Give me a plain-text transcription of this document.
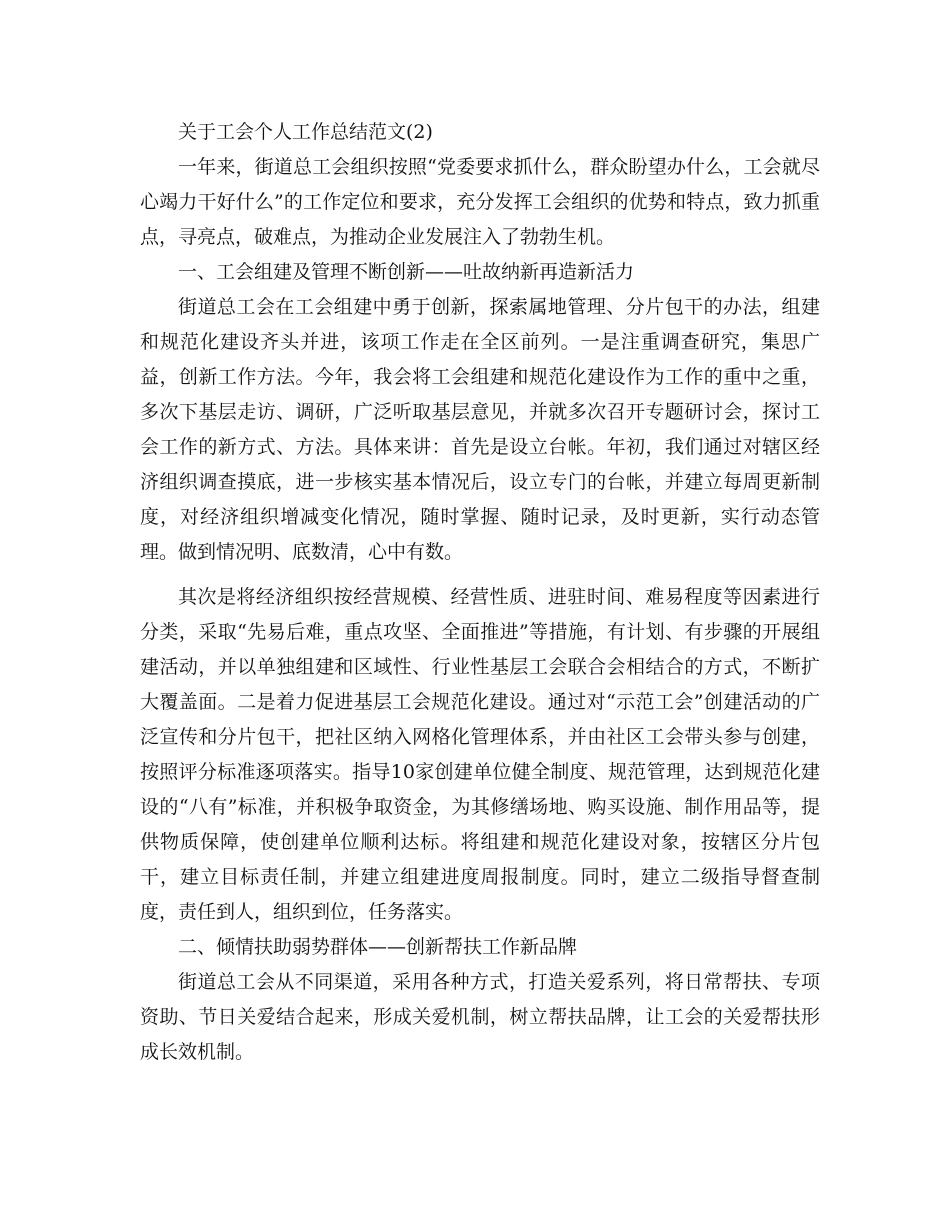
关于工会个人工作总结范文(2)

一年来，街道总工会组织按照“党委要求抓什么，群众盼望办什么，工会就尽心竭力干好什么”的工作定位和要求，充分发挥工会组织的优势和特点，致力抓重点，寻亮点，破难点，为推动企业发展注入了勃勃生机。

一、工会组建及管理不断创新——吐故纳新再造新活力

街道总工会在工会组建中勇于创新，探索属地管理、分片包干的办法，组建和规范化建设齐头并进，该项工作走在全区前列。一是注重调查研究，集思广益，创新工作方法。今年，我会将工会组建和规范化建设作为工作的重中之重，多次下基层走访、调研，广泛听取基层意见，并就多次召开专题研讨会，探讨工会工作的新方式、方法。具体来讲：首先是设立台帐。年初，我们通过对辖区经济组织调查摸底，进一步核实基本情况后，设立专门的台帐，并建立每周更新制度，对经济组织增减变化情况，随时掌握、随时记录，及时更新，实行动态管理。做到情况明、底数清，心中有数。

其次是将经济组织按经营规模、经营性质、进驻时间、难易程度等因素进行分类，采取“先易后难，重点攻坚、全面推进”等措施，有计划、有步骤的开展组建活动，并以单独组建和区域性、行业性基层工会联合会相结合的方式，不断扩大覆盖面。二是着力促进基层工会规范化建设。通过对“示范工会”创建活动的广泛宣传和分片包干，把社区纳入网格化管理体系，并由社区工会带头参与创建，按照评分标准逐项落实。指导10家创建单位健全制度、规范管理，达到规范化建设的“八有”标准，并积极争取资金，为其修缮场地、购买设施、制作用品等，提供物质保障，使创建单位顺利达标。将组建和规范化建设对象，按辖区分片包干，建立目标责任制，并建立组建进度周报制度。同时，建立二级指导督查制度，责任到人，组织到位，任务落实。

二、倾情扶助弱势群体——创新帮扶工作新品牌

街道总工会从不同渠道，采用各种方式，打造关爱系列，将日常帮扶、专项资助、节日关爱结合起来，形成关爱机制，树立帮扶品牌，让工会的关爱帮扶形成长效机制。
